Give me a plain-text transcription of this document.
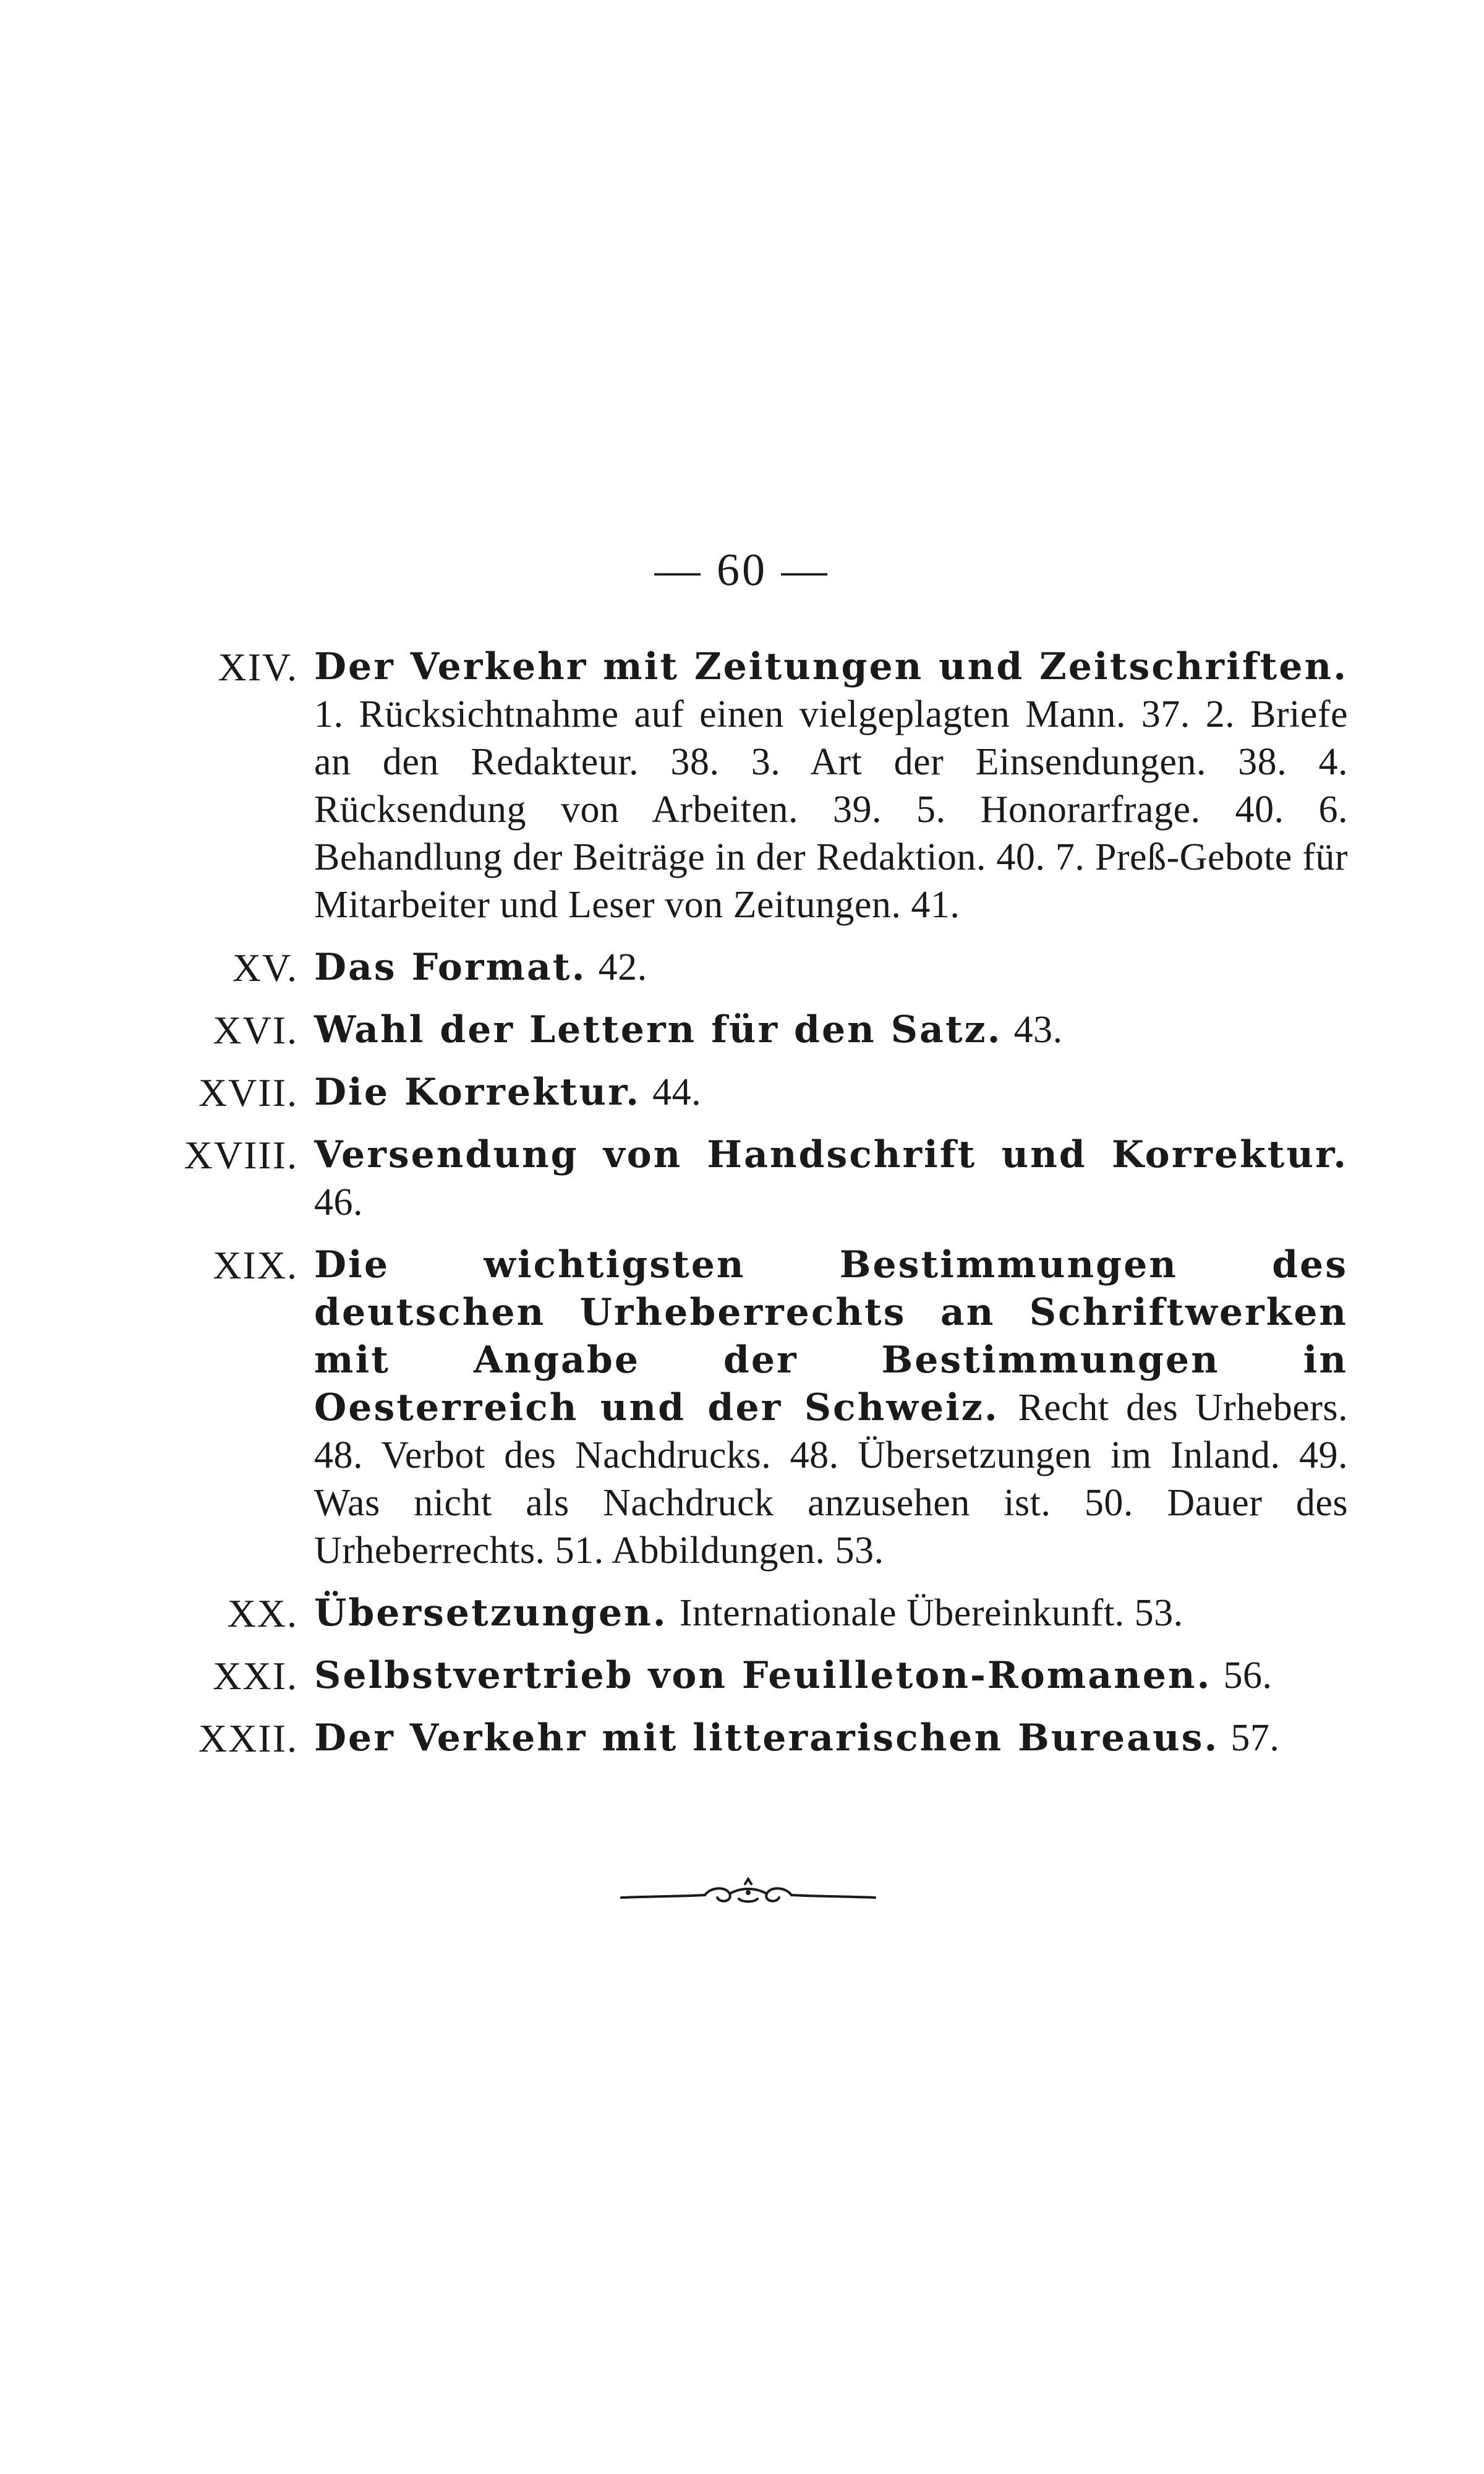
— 60 —
XIV. Der Verkehr mit Zeitungen und Zeitschriften. 1. Rücksichtnahme auf einen vielgeplagten Mann. 37. 2. Briefe an den Redakteur. 38. 3. Art der Einsendungen. 38. 4. Rücksendung von Arbeiten. 39. 5. Honorarfrage. 40. 6. Behandlung der Beiträge in der Redaktion. 40. 7. Preß-Gebote für Mitarbeiter und Leser von Zeitungen. 41.
XV. Das Format. 42.
XVI. Wahl der Lettern für den Satz. 43.
XVII. Die Korrektur. 44.
XVIII. Versendung von Handschrift und Korrektur. 46.
XIX. Die wichtigsten Bestimmungen des deutschen Urheberrechts an Schriftwerken mit Angabe der Bestimmungen in Oesterreich und der Schweiz. Recht des Urhebers. 48. Verbot des Nachdrucks. 48. Übersetzungen im Inland. 49. Was nicht als Nachdruck anzusehen ist. 50. Dauer des Urheberrechts. 51. Abbildungen. 53.
XX. Übersetzungen. Internationale Übereinkunft. 53.
XXI. Selbstvertrieb von Feuilleton-Romanen. 56.
XXII. Der Verkehr mit litterarischen Bureaus. 57.
